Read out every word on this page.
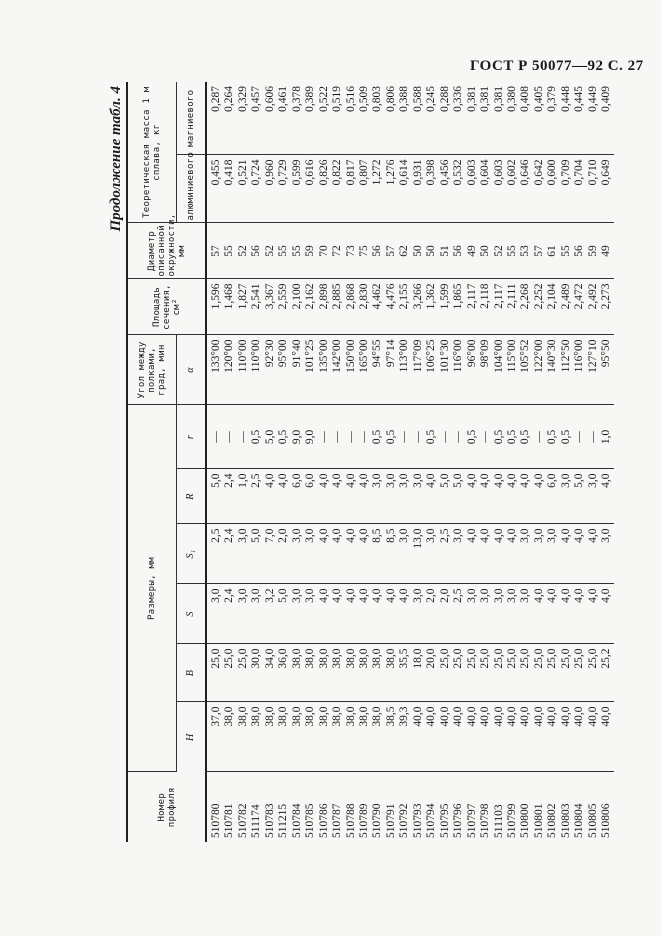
ГОСТ Р 50077—92 С. 27
Продолжение табл. 4
Номер профиля	Размеры, мм						Угол между полками, град, мин	Площадь сечения, см²	Диаметр описанной окружности, мм	Теоретическая масса 1 м сплава, кг	
	H	B	S	S₁	R	r	α			алюминиевого	магниевого
510780	37,0	25,0	3,0	2,5	5,0	—	133°00	1,596	57	0,455	0,287
510781	38,0	25,0	2,4	2,4	2,4	—	120°00	1,468	55	0,418	0,264
510782	38,0	25,0	3,0	3,0	1,0	—	110°00	1,827	52	0,521	0,329
511174	38,0	30,0	3,0	5,0	2,5	0,5	110°00	2,541	56	0,724	0,457
510783	38,0	34,0	3,2	7,0	4,0	5,0	92°30	3,367	52	0,960	0,606
511215	38,0	36,0	5,0	2,0	4,0	0,5	95°00	2,559	55	0,729	0,461
510784	38,0	38,0	3,0	3,0	6,0	9,0	91°40	2,100	55	0,599	0,378
510785	38,0	38,0	3,0	3,0	6,0	9,0	101°25	2,162	59	0,616	0,389
510786	38,0	38,0	4,0	4,0	4,0	—	135°00	2,898	70	0,826	0,522
510787	38,0	38,0	4,0	4,0	4,0	—	142°00	2,885	72	0,822	0,519
510788	38,0	38,0	4,0	4,0	4,0	—	150°00	2,868	73	0,817	0,516
510789	38,0	38,0	4,0	4,0	4,0	—	165°00	2,830	75	0,807	0,509
510790	38,0	38,0	4,0	8,5	3,0	0,5	94°55	4,462	56	1,272	0,803
510791	38,5	38,0	4,0	8,5	3,0	0,5	97°14	4,476	57	1,276	0,806
510792	39,3	35,5	4,0	3,0	3,0	—	113°00	2,155	62	0,614	0,388
510793	40,0	18,0	3,0	13,0	3,0	—	117°09	3,266	50	0,931	0,588
510794	40,0	20,0	2,0	3,0	4,0	0,5	106°25	1,362	50	0,398	0,245
510795	40,0	25,0	2,0	2,5	5,0	—	101°30	1,599	51	0,456	0,288
510796	40,0	25,0	2,5	3,0	5,0	—	116°00	1,865	56	0,532	0,336
510797	40,0	25,0	3,0	4,0	4,0	0,5	96°00	2,117	49	0,603	0,381
510798	40,0	25,0	3,0	4,0	4,0	—	98°09	2,118	50	0,604	0,381
511103	40,0	25,0	3,0	4,0	4,0	0,5	104°00	2,117	52	0,603	0,381
510799	40,0	25,0	3,0	4,0	4,0	0,5	115°00	2,111	55	0,602	0,380
510800	40,0	25,0	3,0	3,0	4,0	0,5	105°52	2,268	53	0,646	0,408
510801	40,0	25,0	4,0	3,0	4,0	—	122°00	2,252	57	0,642	0,405
510802	40,0	25,0	4,0	3,0	6,0	0,5	140°30	2,104	61	0,600	0,379
510803	40,0	25,0	4,0	4,0	3,0	0,5	112°50	2,489	55	0,709	0,448
510804	40,0	25,0	4,0	4,0	5,0	—	116°00	2,472	56	0,704	0,445
510805	40,0	25,0	4,0	4,0	3,0	—	127°10	2,492	59	0,710	0,449
510806	40,0	25,2	4,0	3,0	4,0	1,0	95°50	2,273	49	0,649	0,409
